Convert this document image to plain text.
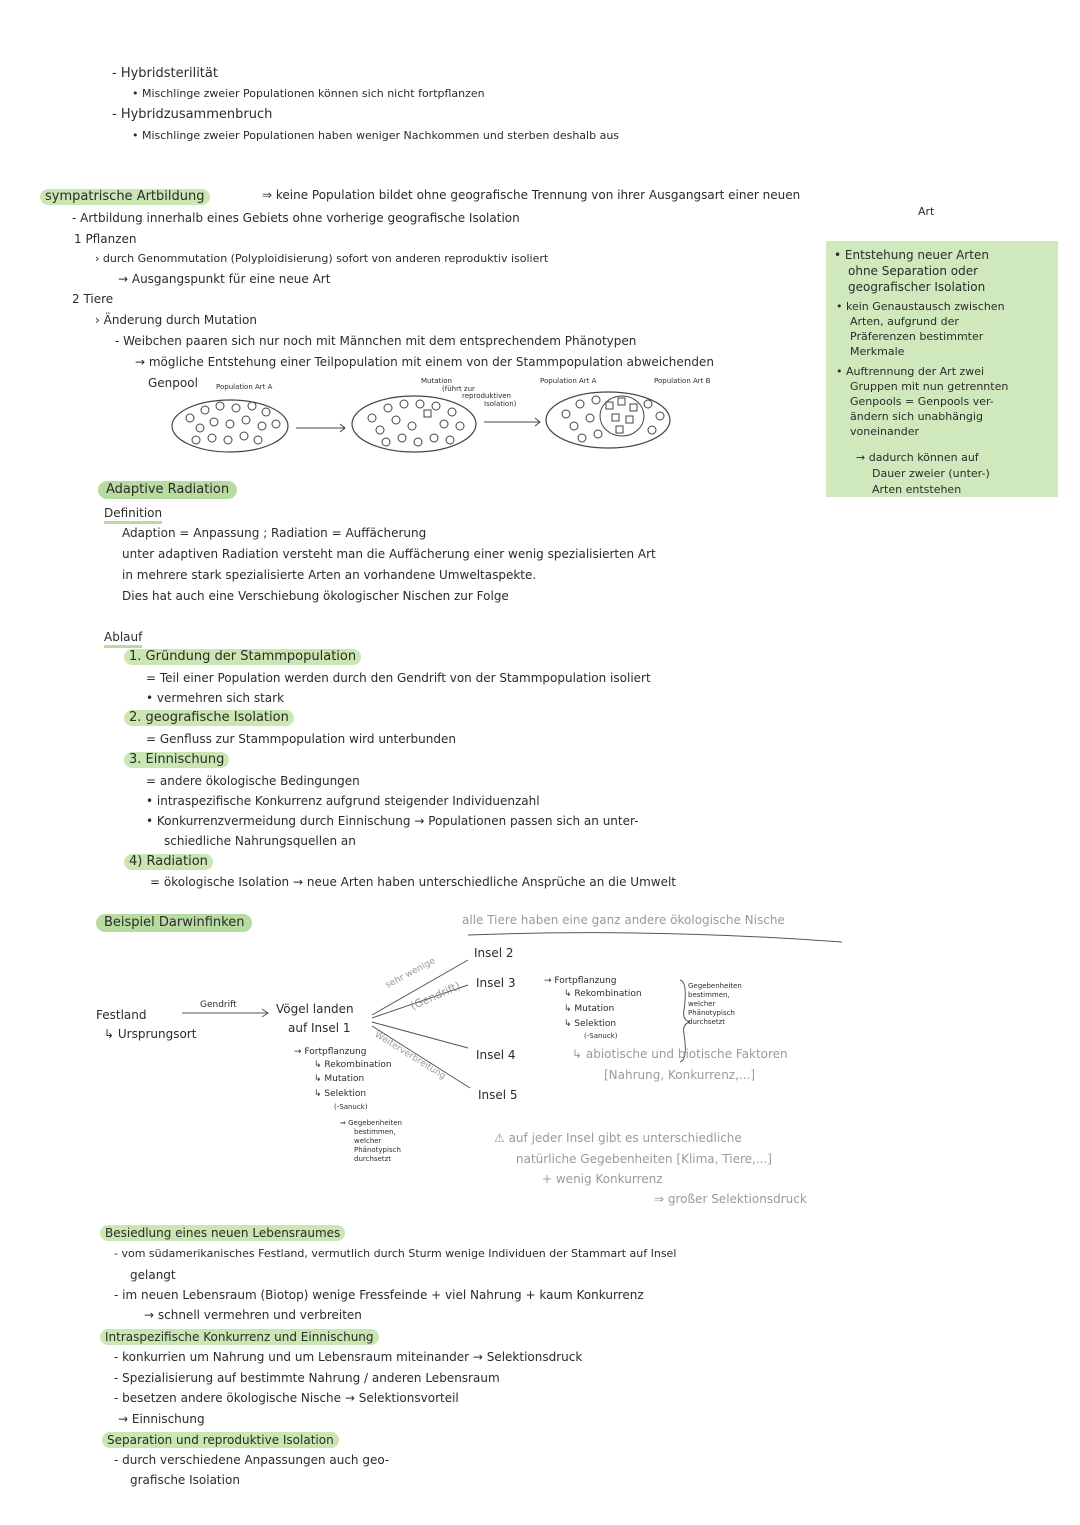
- Hybridsterilität
• Mischlinge zweier Populationen können sich nicht fortpflanzen
- Hybridzusammenbruch
• Mischlinge zweier Populationen haben weniger Nachkommen und sterben deshalb aus
sympatrische Artbildung	⇒ keine Population bildet ohne geografische Trennung von ihrer Ausgangsart einer neuen
Art
- Artbildung innerhalb eines Gebiets ohne vorherige geografische Isolation
1 Pflanzen
› durch Genommutation (Polyploidisierung) sofort von anderen reproduktiv isoliert
→ Ausgangspunkt für eine neue Art
2 Tiere
› Änderung durch Mutation
- Weibchen paaren sich nur noch mit Männchen mit dem entsprechendem Phänotypen
→ mögliche Entstehung einer Teilpopulation mit einem von der Stammpopulation abweichenden
Genpool	Population Art A
Mutation
(führt zur
reproduktiven
Isolation)
Population Art A	Population Art B
• Entstehung neuer Arten
ohne Separation oder
geografischer Isolation
• kein Genaustausch zwischen
Arten, aufgrund der
Präferenzen bestimmter
Merkmale
• Auftrennung der Art zwei
Gruppen mit nun getrennten
Genpools = Genpools ver-
ändern sich unabhängig
voneinander
→ dadurch können auf
Dauer zweier (unter-)
Arten entstehen
Adaptive Radiation
Definition
Adaption = Anpassung ; Radiation = Auffächerung
unter adaptiven Radiation versteht man die Auffächerung einer wenig spezialisierten Art
in mehrere stark spezialisierte Arten an vorhandene Umweltaspekte.
Dies hat auch eine Verschiebung ökologischer Nischen zur Folge
Ablauf
1. Gründung der Stammpopulation
= Teil einer Population werden durch den Gendrift von der Stammpopulation isoliert
• vermehren sich stark
2. geografische Isolation
= Genfluss zur Stammpopulation wird unterbunden
3. Einnischung
= andere ökologische Bedingungen
• intraspezifische Konkurrenz aufgrund steigender Individuenzahl
• Konkurrenzvermeidung durch Einnischung → Populationen passen sich an unter-
schiedliche Nahrungsquellen an
4) Radiation
= ökologische Isolation → neue Arten haben unterschiedliche Ansprüche an die Umwelt
Beispiel Darwinfinken	alle Tiere haben eine ganz andere ökologische Nische
Insel 2
Insel 3
Insel 4
Insel 5
Festland
↳ Ursprungsort
Gendrift	Vögel landen
auf Insel 1
sehr wenige
(Gendrift)
Weiterverbreitung
→ Fortpflanzung
↳ Rekombination
↳ Mutation
↳ Selektion
(-Sanuck)
⇒ Gegebenheiten
bestimmen,
welcher
Phänotypisch
durchsetzt
→ Fortpflanzung
↳ Rekombination
↳ Mutation
↳ Selektion
(-Sanuck)
Gegebenheiten
bestimmen,
welcher
Phänotypisch
durchsetzt
↳ abiotische und biotische Faktoren
[Nahrung, Konkurrenz,...]
⚠ auf jeder Insel gibt es unterschiedliche
natürliche Gegebenheiten [Klima, Tiere,...]
+ wenig Konkurrenz
⇒ großer Selektionsdruck
Besiedlung eines neuen Lebensraumes
- vom südamerikanisches Festland, vermutlich durch Sturm wenige Individuen der Stammart auf Insel
gelangt
- im neuen Lebensraum (Biotop) wenige Fressfeinde + viel Nahrung + kaum Konkurrenz
→ schnell vermehren und verbreiten
Intraspezifische Konkurrenz und Einnischung
- konkurrien um Nahrung und um Lebensraum miteinander → Selektionsdruck
- Spezialisierung auf bestimmte Nahrung / anderen Lebensraum
- besetzen andere ökologische Nische → Selektionsvorteil
→ Einnischung
Separation und reproduktive Isolation
- durch verschiedene Anpassungen auch geo-
grafische Isolation
